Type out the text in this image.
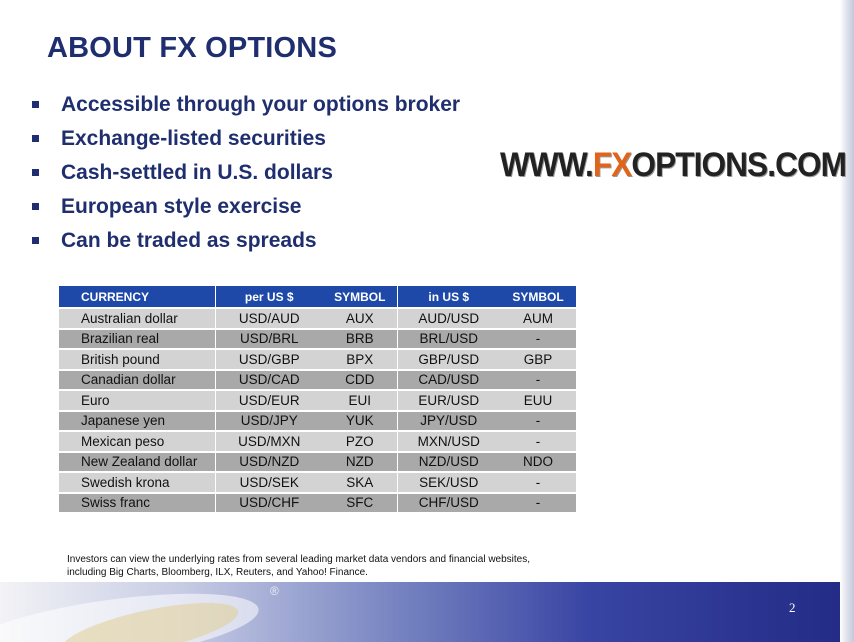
ABOUT FX OPTIONS
Accessible through your options broker
Exchange-listed securities
Cash-settled in U.S. dollars
European style exercise
Can be traded as spreads
WWW.FXOPTIONS.COM
CURRENCY	per US $	SYMBOL	in US $	SYMBOL
Australian dollar	USD/AUD	AUX	AUD/USD	AUM
Brazilian real	USD/BRL	BRB	BRL/USD	-
British pound	USD/GBP	BPX	GBP/USD	GBP
Canadian dollar	USD/CAD	CDD	CAD/USD	-
Euro	USD/EUR	EUI	EUR/USD	EUU
Japanese yen	USD/JPY	YUK	JPY/USD	-
Mexican peso	USD/MXN	PZO	MXN/USD	-
New Zealand dollar	USD/NZD	NZD	NZD/USD	NDO
Swedish krona	USD/SEK	SKA	SEK/USD	-
Swiss franc	USD/CHF	SFC	CHF/USD	-
Investors can view the underlying rates from several leading market data vendors and financial websites,
including Big Charts, Bloomberg, ILX, Reuters, and Yahoo! Finance.
®
2
